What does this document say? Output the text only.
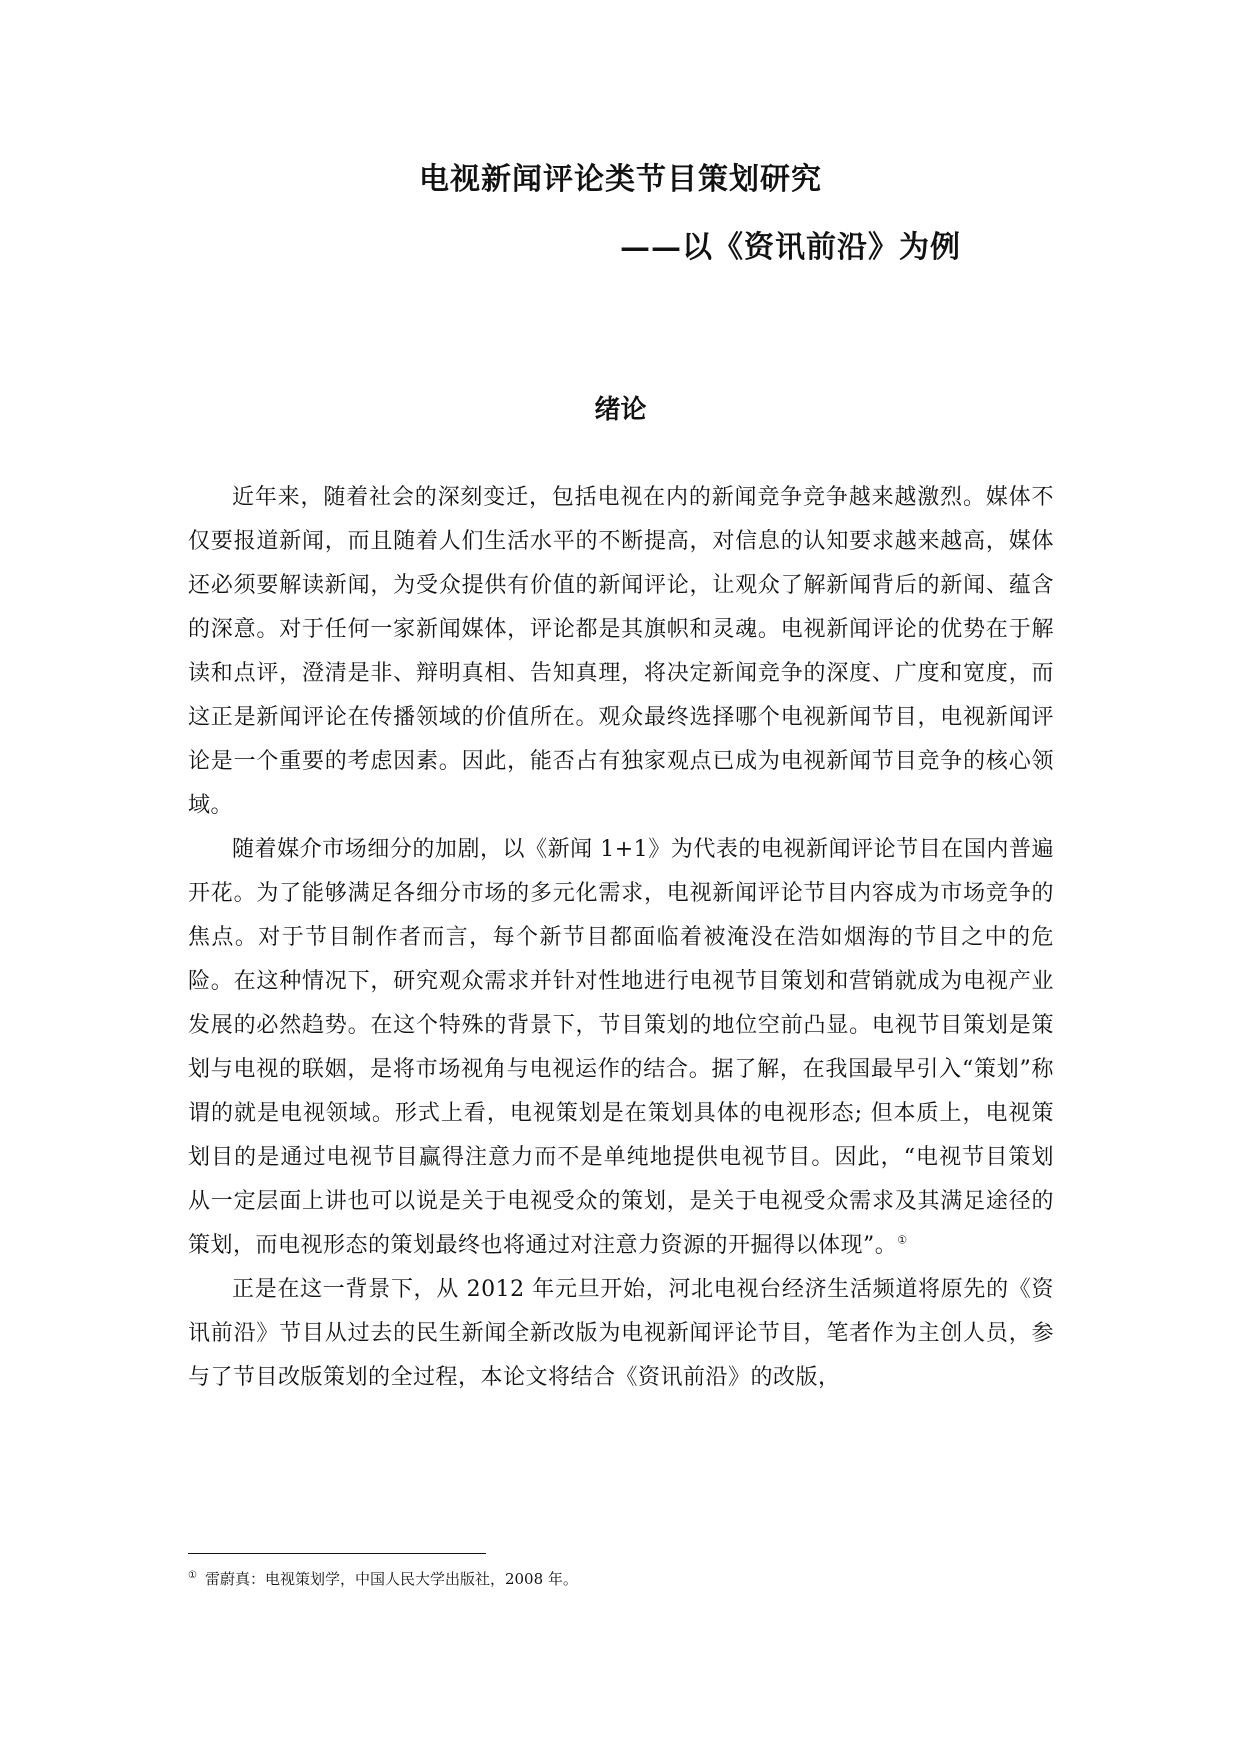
电视新闻评论类节目策划研究
——以《资讯前沿》为例
绪论

近年来，随着社会的深刻变迁，包括电视在内的新闻竞争竞争越来越激烈。媒体不仅要报道新闻，而且随着人们生活水平的不断提高，对信息的认知要求越来越高，媒体还必须要解读新闻，为受众提供有价值的新闻评论，让观众了解新闻背后的新闻、蕴含的深意。对于任何一家新闻媒体，评论都是其旗帜和灵魂。电视新闻评论的优势在于解读和点评，澄清是非、辩明真相、告知真理，将决定新闻竞争的深度、广度和宽度，而这正是新闻评论在传播领域的价值所在。观众最终选择哪个电视新闻节目，电视新闻评论是一个重要的考虑因素。因此，能否占有独家观点已成为电视新闻节目竞争的核心领域。

随着媒介市场细分的加剧，以《新闻 1+1》为代表的电视新闻评论节目在国内普遍开花。为了能够满足各细分市场的多元化需求，电视新闻评论节目内容成为市场竞争的焦点。对于节目制作者而言，每个新节目都面临着被淹没在浩如烟海的节目之中的危险。在这种情况下，研究观众需求并针对性地进行电视节目策划和营销就成为电视产业发展的必然趋势。在这个特殊的背景下，节目策划的地位空前凸显。电视节目策划是策划与电视的联姻，是将市场视角与电视运作的结合。据了解，在我国最早引入“策划”称谓的就是电视领域。形式上看，电视策划是在策划具体的电视形态; 但本质上，电视策划目的是通过电视节目赢得注意力而不是单纯地提供电视节目。因此，“电视节目策划从一定层面上讲也可以说是关于电视受众的策划，是关于电视受众需求及其满足途径的策划，而电视形态的策划最终也将通过对注意力资源的开掘得以体现”。①

正是在这一背景下，从 2012 年元旦开始，河北电视台经济生活频道将原先的《资讯前沿》节目从过去的民生新闻全新改版为电视新闻评论节目，笔者作为主创人员，参与了节目改版策划的全过程，本论文将结合《资讯前沿》的改版，

① 雷蔚真：电视策划学，中国人民大学出版社，2008 年。
